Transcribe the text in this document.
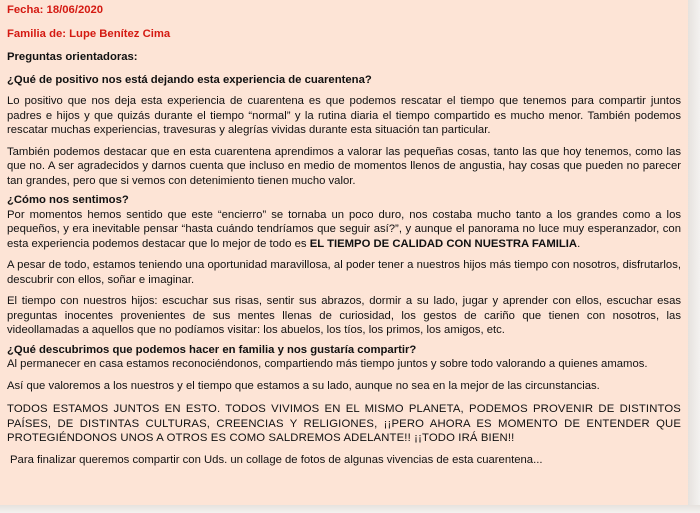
Fecha: 18/06/2020

Familia de: Lupe Benítez Cima

Preguntas orientadoras:

¿Qué de positivo nos está dejando esta experiencia de cuarentena?

Lo positivo que nos deja esta experiencia de cuarentena es que podemos rescatar el tiempo que tenemos para compartir juntos padres e hijos y que quizás durante el tiempo “normal” y la rutina diaria el tiempo compartido es mucho menor. También podemos rescatar muchas experiencias, travesuras y alegrías vividas durante esta situación tan particular.

También podemos destacar que en esta cuarentena aprendimos a valorar las pequeñas cosas, tanto las que hoy tenemos, como las que no. A ser agradecidos y darnos cuenta que incluso en medio de momentos llenos de angustia, hay cosas que pueden no parecer tan grandes, pero que si vemos con detenimiento tienen mucho valor.

¿Cómo nos sentimos?

Por momentos hemos sentido que este “encierro” se tornaba un poco duro, nos costaba mucho tanto a los grandes como a los pequeños, y era inevitable pensar “hasta cuándo tendríamos que seguir así?”, y aunque el panorama no luce muy esperanzador, con esta experiencia podemos destacar que lo mejor de todo es EL TIEMPO DE CALIDAD CON NUESTRA FAMILIA.

A pesar de todo, estamos teniendo una oportunidad maravillosa, al poder tener a nuestros hijos más tiempo con nosotros, disfrutarlos, descubrir con ellos, soñar e imaginar.

El tiempo con nuestros hijos: escuchar sus risas, sentir sus abrazos, dormir a su lado, jugar y aprender con ellos, escuchar esas preguntas inocentes provenientes de sus mentes llenas de curiosidad, los gestos de cariño que tienen con nosotros, las videollamadas a aquellos que no podíamos visitar: los abuelos, los tíos, los primos, los amigos, etc.

¿Qué descubrimos que podemos hacer en familia y nos gustaría compartir?

Al permanecer en casa estamos reconociéndonos, compartiendo más tiempo juntos y sobre todo valorando a quienes amamos.

Así que valoremos a los nuestros y el tiempo que estamos a su lado, aunque no sea en la mejor de las circunstancias.

TODOS ESTAMOS JUNTOS EN ESTO. TODOS VIVIMOS EN EL MISMO PLANETA, PODEMOS PROVENIR DE DISTINTOS PAÍSES, DE DISTINTAS CULTURAS, CREENCIAS Y RELIGIONES, ¡¡PERO AHORA ES MOMENTO DE ENTENDER QUE PROTEGIÉNDONOS UNOS A OTROS ES COMO SALDREMOS ADELANTE!! ¡¡TODO IRÁ BIEN!!

Para finalizar queremos compartir con Uds. un collage de fotos de algunas vivencias de esta cuarentena...
